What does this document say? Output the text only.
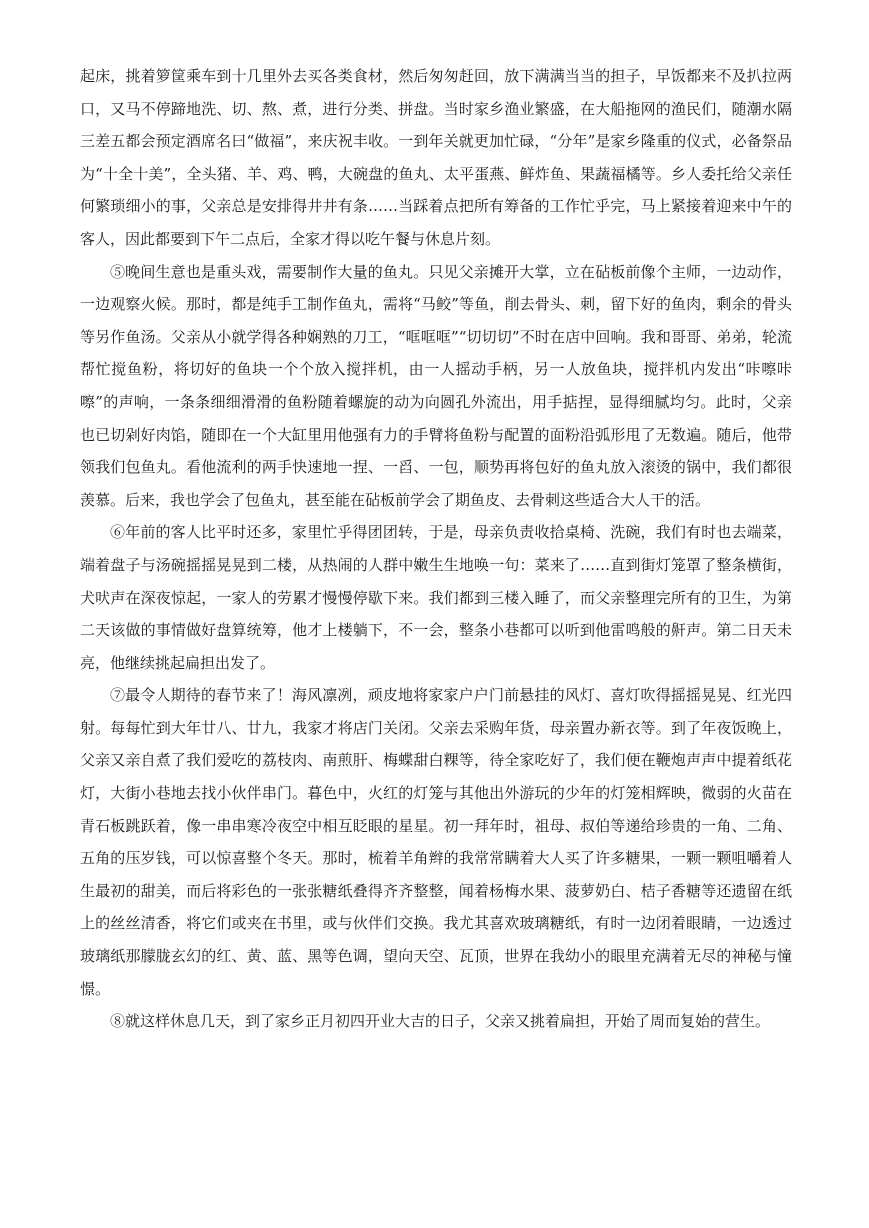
起床，挑着箩筐乘车到十几里外去买各类食材，然后匆匆赶回，放下满满当当的担子，早饭都来不及扒拉两口，又马不停蹄地洗、切、熬、煮，进行分类、拼盘。当时家乡渔业繁盛，在大船拖网的渔民们，随潮水隔三差五都会预定酒席名曰“做福”，来庆祝丰收。一到年关就更加忙碌，“分年”是家乡隆重的仪式，必备祭品为“十全十美”，全头猪、羊、鸡、鸭，大碗盘的鱼丸、太平蛋燕、鲜炸鱼、果蔬福橘等。乡人委托给父亲任何繁琐细小的事，父亲总是安排得井井有条……当踩着点把所有筹备的工作忙乎完，马上紧接着迎来中午的客人，因此都要到下午二点后，全家才得以吃午餐与休息片刻。

⑤晚间生意也是重头戏，需要制作大量的鱼丸。只见父亲摊开大掌，立在砧板前像个主师，一边动作，一边观察火候。那时，都是纯手工制作鱼丸，需将“马鲛”等鱼，削去骨头、刺，留下好的鱼肉，剩余的骨头等另作鱼汤。父亲从小就学得各种娴熟的刀工，“哐哐哐”“切切切”不时在店中回响。我和哥哥、弟弟，轮流帮忙搅鱼粉，将切好的鱼块一个个放入搅拌机，由一人摇动手柄，另一人放鱼块，搅拌机内发出“咔嚓咔嚓”的声响，一条条细细滑滑的鱼粉随着螺旋的动为向圆孔外流出，用手掂捏，显得细腻均匀。此时，父亲也已切剁好肉馅，随即在一个大缸里用他强有力的手臂将鱼粉与配置的面粉沿弧形甩了无数遍。随后，他带领我们包鱼丸。看他流利的两手快速地一捏、一舀、一包，顺势再将包好的鱼丸放入滚烫的锅中，我们都很羡慕。后来，我也学会了包鱼丸，甚至能在砧板前学会了期鱼皮、去骨刺这些适合大人干的活。

⑥年前的客人比平时还多，家里忙乎得团团转，于是，母亲负责收拾桌椅、洗碗，我们有时也去端菜，端着盘子与汤碗摇摇晃晃到二楼，从热闹的人群中嫩生生地唤一句：菜来了……直到街灯笼罩了整条横街，犬吠声在深夜惊起，一家人的劳累才慢慢停歇下来。我们都到三楼入睡了，而父亲整理完所有的卫生，为第二天该做的事情做好盘算统筹，他才上楼躺下，不一会，整条小巷都可以听到他雷鸣般的鼾声。第二日天未亮，他继续挑起扁担出发了。

⑦最令人期待的春节来了！海风凛冽，顽皮地将家家户户门前悬挂的风灯、喜灯吹得摇摇晃晃、红光四射。每每忙到大年廿八、廿九，我家才将店门关闭。父亲去采购年货，母亲置办新衣等。到了年夜饭晚上，父亲又亲自煮了我们爱吃的荔枝肉、南煎肝、梅蝶甜白粿等，待全家吃好了，我们便在鞭炮声声中提着纸花灯，大街小巷地去找小伙伴串门。暮色中，火红的灯笼与其他出外游玩的少年的灯笼相辉映，微弱的火苗在青石板跳跃着，像一串串寒冷夜空中相互眨眼的星星。初一拜年时，祖母、叔伯等递给珍贵的一角、二角、五角的压岁钱，可以惊喜整个冬天。那时，梳着羊角辫的我常常瞒着大人买了许多糖果，一颗一颗咀嚼着人生最初的甜美，而后将彩色的一张张糖纸叠得齐齐整整，闻着杨梅水果、菠萝奶白、桔子香糖等还遗留在纸上的丝丝清香，将它们或夹在书里，或与伙伴们交换。我尤其喜欢玻璃糖纸，有时一边闭着眼睛，一边透过玻璃纸那朦胧玄幻的红、黄、蓝、黑等色调，望向天空、瓦顶，世界在我幼小的眼里充满着无尽的神秘与憧憬。

⑧就这样休息几天，到了家乡正月初四开业大吉的日子，父亲又挑着扁担，开始了周而复始的营生。
